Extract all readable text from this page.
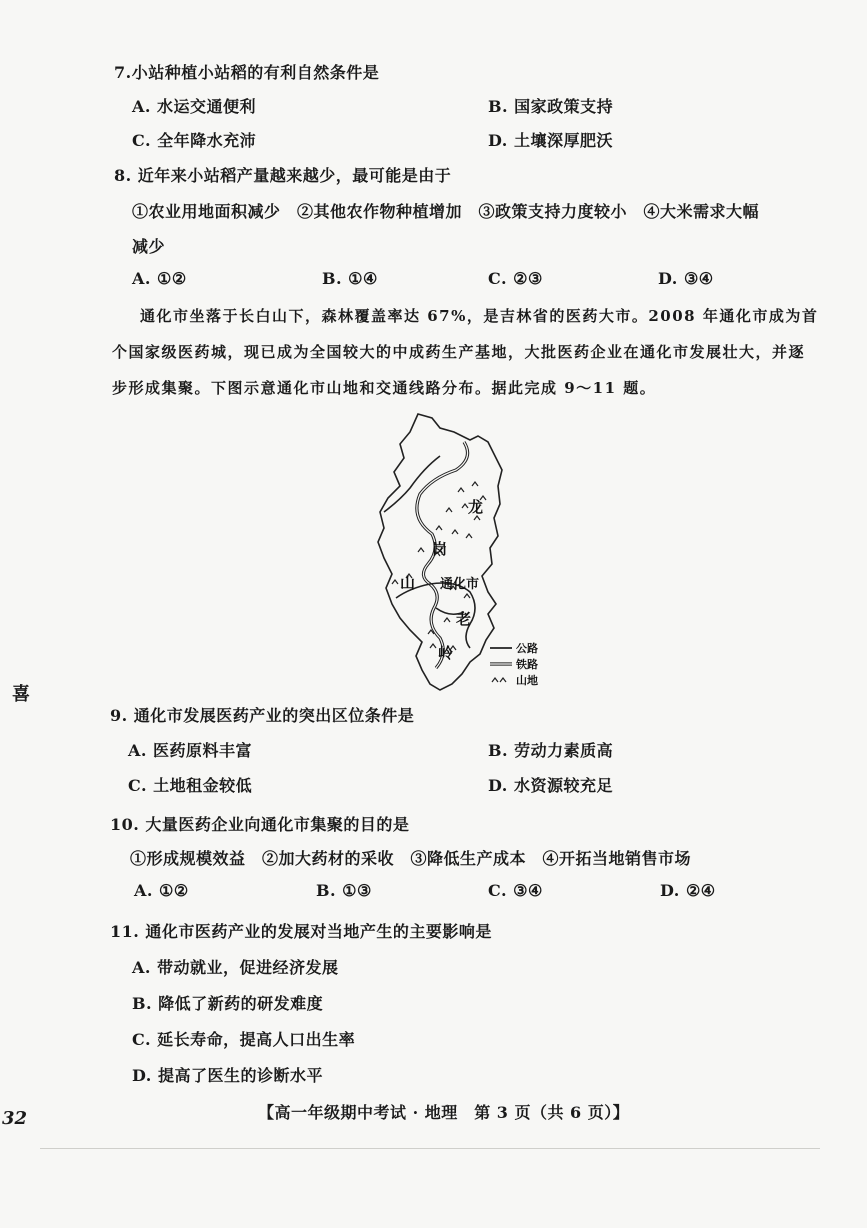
7.小站种植小站稻的有利自然条件是
A. 水运交通便利	B. 国家政策支持
C. 全年降水充沛	D. 土壤深厚肥沃
8. 近年来小站稻产量越来越少，最可能是由于
①农业用地面积减少　②其他农作物种植增加　③政策支持力度较小　④大米需求大幅
减少
A. ①②	B. ①④	C. ②③	D. ③④
通化市坐落于长白山下，森林覆盖率达 67%，是吉林省的医药大市。2008 年通化市成为首
个国家级医药城，现已成为全国较大的中成药生产基地，大批医药企业在通化市发展壮大，并逐
步形成集聚。下图示意通化市山地和交通线路分布。据此完成 9～11 题。
龙
岗
山
老
岭
通化市
公路
铁路
山地
喜
9. 通化市发展医药产业的突出区位条件是
A. 医药原料丰富	B. 劳动力素质高
C. 土地租金较低	D. 水资源较充足
10. 大量医药企业向通化市集聚的目的是
①形成规模效益　②加大药材的采收　③降低生产成本　④开拓当地销售市场
A. ①②	B. ①③	C. ③④	D. ②④
11. 通化市医药产业的发展对当地产生的主要影响是
A. 带动就业，促进经济发展
B. 降低了新药的研发难度
C. 延长寿命，提高人口出生率
D. 提高了医生的诊断水平
32	【高一年级期中考试 · 地理　第 3 页（共 6 页）】
